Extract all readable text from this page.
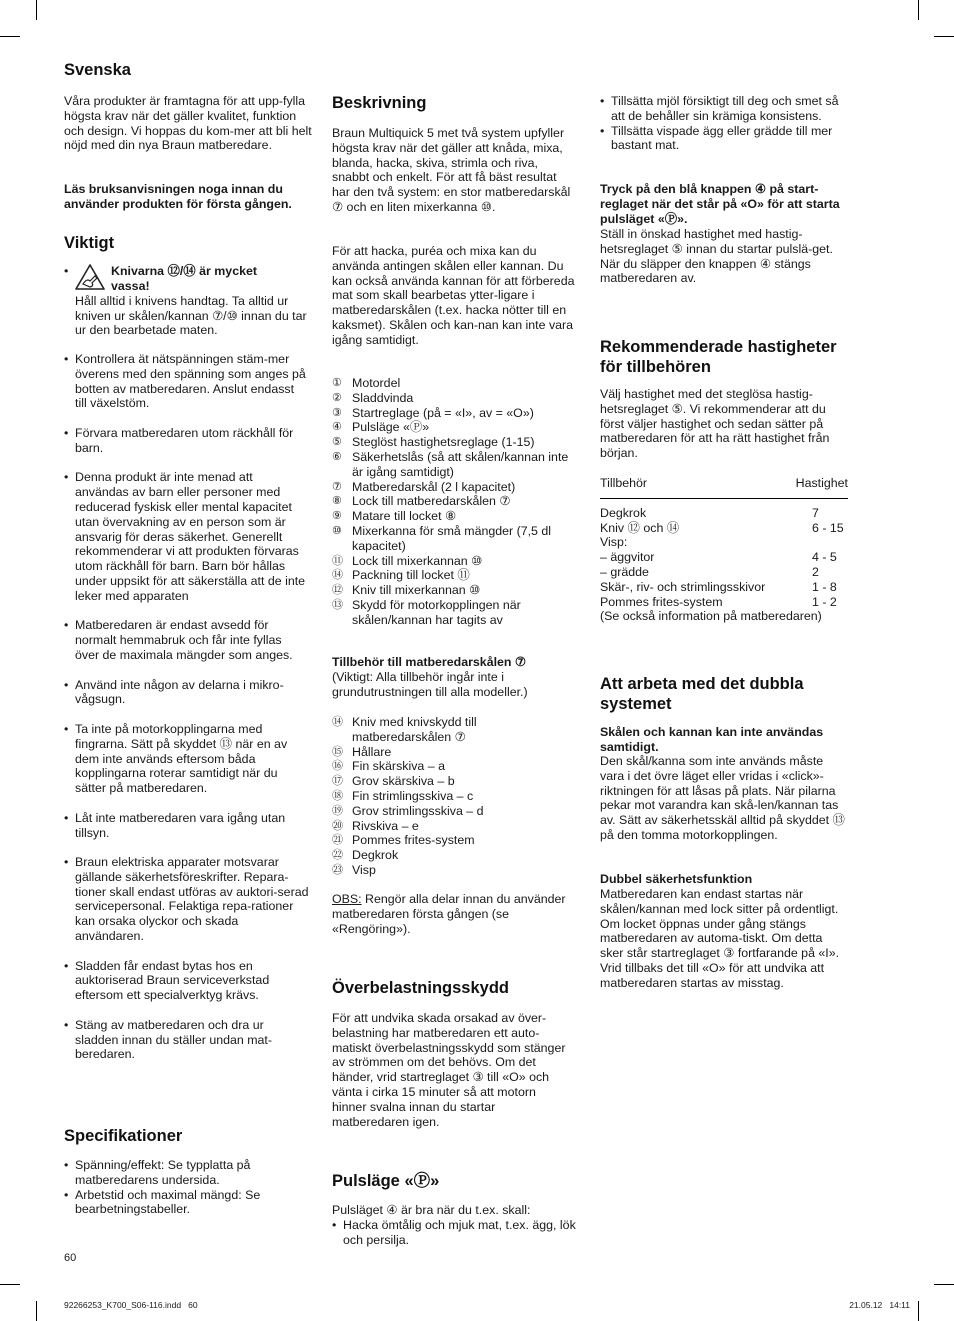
Svenska

Våra produkter är framtagna för att upp-fylla högsta krav när det gäller kvalitet, funktion och design. Vi hoppas du kom-mer att bli helt nöjd med din nya Braun matberedare.

Läs bruksanvisningen noga innan du använder produkten för första gången.

Viktigt
•	Knivarna ⑫/⑭ är mycket vassa!

Håll alltid i knivens handtag. Ta alltid ur kniven ur skålen/kannan ⑦/⑩ innan du tar ur den bearbetade maten.

• Kontrollera ät nätspänningen stäm-mer överens med den spänning som anges på botten av matberedaren. Anslut endasst till växelstöm.

• Förvara matberedaren utom räckhåll för barn.

• Denna produkt är inte menad att användas av barn eller personer med reducerad fyskisk eller mental kapacitet utan övervakning av en person som är ansvarig för deras säkerhet. Generellt rekommenderar vi att produkten förvaras utom räckhåll för barn. Barn bör hållas under uppsikt för att säkerställa att de inte leker med apparaten

• Matberedaren är endast avsedd för normalt hemmabruk och får inte fyllas över de maximala mängder som anges.

• Använd inte någon av delarna i mikro-vågsugn.

• Ta inte på motorkopplingarna med fingrarna. Sätt på skyddet ⑬ när en av dem inte används eftersom båda kopplingarna roterar samtidigt när du sätter på matberedaren.

• Låt inte matberedaren vara igång utan tillsyn.

• Braun elektriska apparater motsvarar gällande säkerhetsföreskrifter. Repara-tioner skall endast utföras av auktori-serad servicepersonal. Felaktiga repa-rationer kan orsaka olyckor och skada användaren.

• Sladden får endast bytas hos en auktoriserad Braun serviceverkstad eftersom ett specialverktyg krävs.

• Stäng av matberedaren och dra ur sladden innan du ställer undan mat-beredaren.

Specifikationer

• Spänning/effekt: Se typplatta på matberedarens undersida.

• Arbetstid och maximal mängd: Se bearbetningstabeller.

Beskrivning

Braun Multiquick 5 met två system upfyller högsta krav när det gäller att knåda, mixa, blanda, hacka, skiva, strimla och riva, snabbt och enkelt. För att få bäst resultat har den två system: en stor matberedarskål ⑦ och en liten mixerkanna ⑩.

För att hacka, puréa och mixa kan du använda antingen skålen eller kannan. Du kan också använda kannan för att förbereda mat som skall bearbetas ytter-ligare i matberedarskålen (t.ex. hacka nötter till en kaksmet). Skålen och kan-nan kan inte vara igång samtidigt.

① Motordel
② Sladdvinda
③ Startreglage (på = «I», av = «O»)
④ Pulsläge «Ⓟ»
⑤ Steglöst hastighetsreglage (1-15)
⑥ Säkerhetslås (så att skålen/kannan inte är igång samtidigt)
⑦ Matberedarskål (2 l kapacitet)
⑧ Lock till matberedarskålen ⑦
⑨ Matare till locket ⑧
⑩ Mixerkanna för små mängder (7,5 dl kapacitet)
⑪ Lock till mixerkannan ⑩
⑭ Packning till locket ⑪
⑫ Kniv till mixerkannan ⑩
⑬ Skydd för motorkopplingen när skålen/kannan har tagits av

Tillbehör till matberedarskålen ⑦

(Viktigt: Alla tillbehör ingår inte i grundutrustningen till alla modeller.)

⑭ Kniv med knivskydd till matberedarskålen ⑦
⑮ Hållare
⑯ Fin skärskiva – a
⑰ Grov skärskiva – b
⑱ Fin strimlingsskiva – c
⑲ Grov strimlingsskiva – d
⑳ Rivskiva – e
㉑ Pommes frites-system
㉒ Degkrok
㉓ Visp

OBS: Rengör alla delar innan du använder matberedaren första gången (se «Rengöring»).

Överbelastningsskydd

För att undvika skada orsakad av över-belastning har matberedaren ett auto-matiskt överbelastningsskydd som stänger av strömmen om det behövs. Om det händer, vrid startreglaget ③ till «O» och vänta i cirka 15 minuter så att motorn hinner svalna innan du startar matberedaren igen.

Pulsläge «Ⓟ»

Pulsläget ④ är bra när du t.ex. skall:

• Hacka ömtålig och mjuk mat, t.ex. ägg, lök och persilja.

• Tillsätta mjöl försiktigt till deg och smet så att de behåller sin krämiga konsistens.

• Tillsätta vispade ägg eller grädde till mer bastant mat.

Tryck på den blå knappen ④ på start-reglaget när det står på «O» för att starta pulsläget «Ⓟ».

Ställ in önskad hastighet med hastig-hetsreglaget ⑤ innan du startar pulslä-get. När du släpper den knappen ④ stängs matberedaren av.

Rekommenderade hastigheter för tillbehören

Välj hastighet med det steglösa hastig-hetsreglaget ⑤. Vi rekommenderar att du först väljer hastighet och sedan sätter på matberedaren för att ha rätt hastighet från början.

Tillbehör	Hastighet
Degkrok	7
Kniv ⑫ och ⑭	6 - 15
Visp:
– äggvitor	4 - 5
– grädde	2
Skär-, riv- och strimlingsskivor	1 - 8
Pommes frites-system	1 - 2

(Se också information på matberedaren)

Att arbeta med det dubbla systemet

Skålen och kannan kan inte användas samtidigt.

Den skål/kanna som inte används måste vara i det övre läget eller vridas i «click»-riktningen för att låsas på plats. När pilarna pekar mot varandra kan skå-len/kannan tas av. Sätt av säkerhetsskäl alltid på skyddet ⑬ på den tomma motorkopplingen.

Dubbel säkerhetsfunktion

Matberedaren kan endast startas när skålen/kannan med lock sitter på ordentligt. Om locket öppnas under gång stängs matberedaren av automa-tiskt. Om detta sker står startreglaget ③ fortfarande på «I». Vrid tillbaks det till «O» för att undvika att matberedaren startas av misstag.

60
92266253_K700_S06-116.indd   60	21.05.12   14:11
